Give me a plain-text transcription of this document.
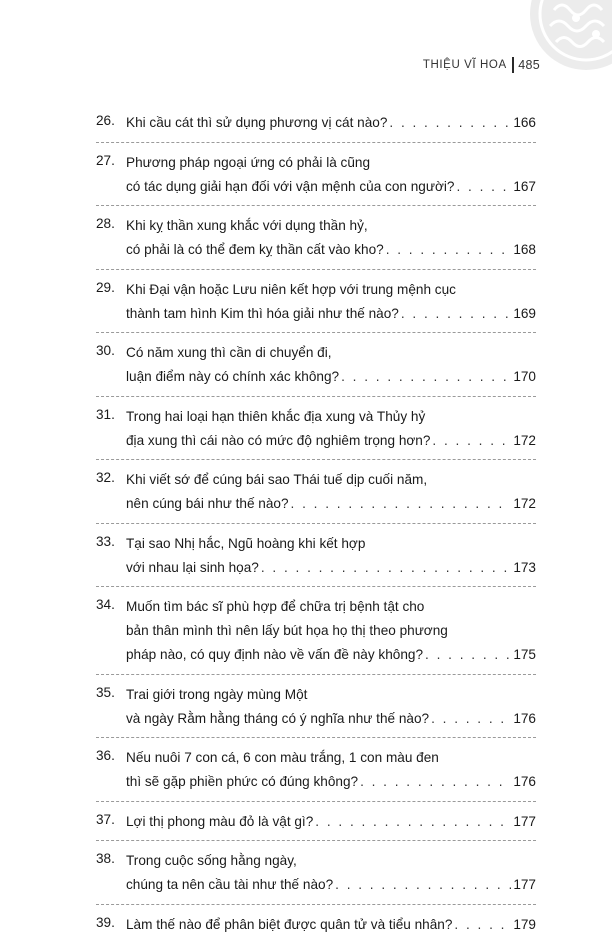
THIỆU VĨ HOA 485
26. Khi cầu cát thì sử dụng phương vị cát nào? . . .	166
27. Phương pháp ngoại ứng có phải là cũng
có tác dụng giải hạn đối với vận mệnh của con người? . . .	167
28. Khi kỵ thần xung khắc với dụng thần hỷ,
có phải là có thể đem kỵ thần cất vào kho? . . .	168
29. Khi Đại vận hoặc Lưu niên kết hợp với trung mệnh cục
thành tam hình Kim thì hóa giải như thế nào? . . .	169
30. Có năm xung thì cần di chuyển đi,
luận điểm này có chính xác không? . . .	170
31. Trong hai loại hạn thiên khắc địa xung và Thủy hỷ
địa xung thì cái nào có mức độ nghiêm trọng hơn? . . .	172
32. Khi viết sớ để cúng bái sao Thái tuế dịp cuối năm,
nên cúng bái như thế nào? . . .	172
33. Tại sao Nhị hắc, Ngũ hoàng khi kết hợp
với nhau lại sinh họa? . . .	173
34. Muốn tìm bác sĩ phù hợp để chữa trị bệnh tật cho
bản thân mình thì nên lấy bút họa họ thị theo phương
pháp nào, có quy định nào về vấn đề này không? . . .	175
35. Trai giới trong ngày mùng Một
và ngày Rằm hằng tháng có ý nghĩa như thế nào? . . .	176
36. Nếu nuôi 7 con cá, 6 con màu trắng, 1 con màu đen
thì sẽ gặp phiền phức có đúng không? . . .	176
37. Lợi thị phong màu đỏ là vật gì? . . .	177
38. Trong cuộc sống hằng ngày,
chúng ta nên cầu tài như thế nào? . . .	177
39. Làm thế nào để phân biệt được quân tử và tiểu nhân? . . .	179
